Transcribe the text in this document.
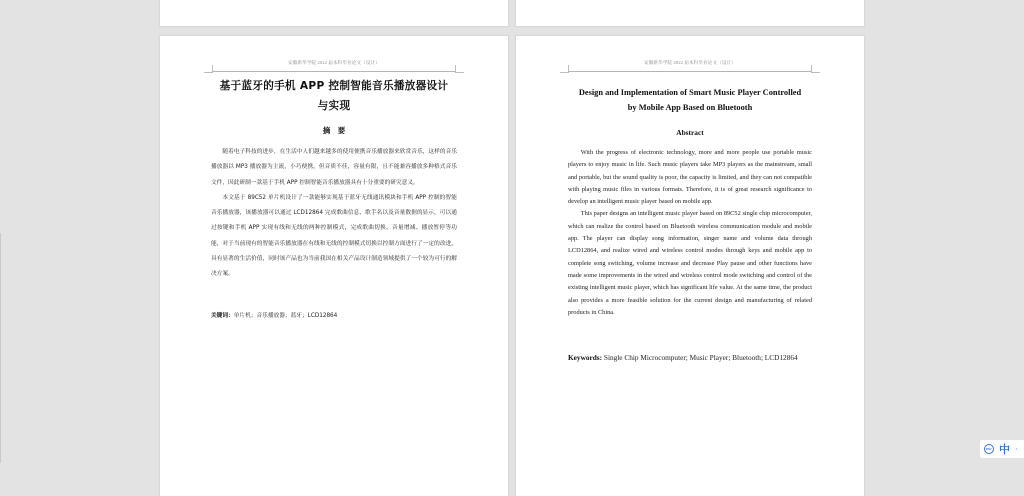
安徽新华学院 2022 届本科毕业论文（设计）
基于蓝牙的手机 APP 控制智能音乐播放器设计
与实现
摘　要

随着电子科技的进步，在生活中人们越来越多的使用便携音乐播放器来欣赏音乐，这样的音乐播放器以 MP3 播放器为主流，小巧便携，但音质不佳，容量有限，且不能兼容播放多种格式音乐文件，因此研制一款基于手机 APP 控制智能音乐播放器具有十分重要的研究意义。

本文基于 89C52 单片机设计了一款能够实现基于蓝牙无线通讯模块和手机 APP 控制的智能音乐播放器，该播放器可以通过 LCD12864 完成歌曲信息、歌手名以及音量数据的显示，可以通过按键和手机 APP 实现有线和无线的两种控制模式，完成歌曲切换、音量增减、播放暂停等功能，对于当前现有的智能音乐播放器在有线和无线的控制模式切换以控制方面进行了一定的改进，具有显著的生活价值，同时该产品也为当前我国在相关产品设计制造领域提供了一个较为可行的解决方案。

关键词：单片机；音乐播放器；蓝牙；LCD12864
安徽新华学院 2022 届本科毕业论文（设计）
Design and Implementation of Smart Music Player Controlled
by Mobile App Based on Bluetooth
Abstract

With the progress of electronic technology, more and more people use portable music players to enjoy music in life. Such music players take MP3 players as the mainstream, small and portable, but the sound quality is poor, the capacity is limited, and they can not compatible with playing music files in various formats. Therefore, it is of great research significance to develop an intelligent music player based on mobile app.

This paper designs an intelligent music player based on 89C52 single chip microcomputer, which can realize the control based on Bluetooth wireless communication module and mobile app. The player can display song information, singer name and volume data through LCD12864, and realize wired and wireless control modes through keys and mobile app to complete song switching, volume increase and decrease Play pause and other functions have made some improvements in the wired and wireless control mode switching and control of the existing intelligent music player, which has significant life value. At the same time, the product also provides a more feasible solution for the current design and manufacturing of related products in China.

Keywords: Single Chip Microcomputer; Music Player; Bluetooth; LCD12864
Pkr 中 ·
